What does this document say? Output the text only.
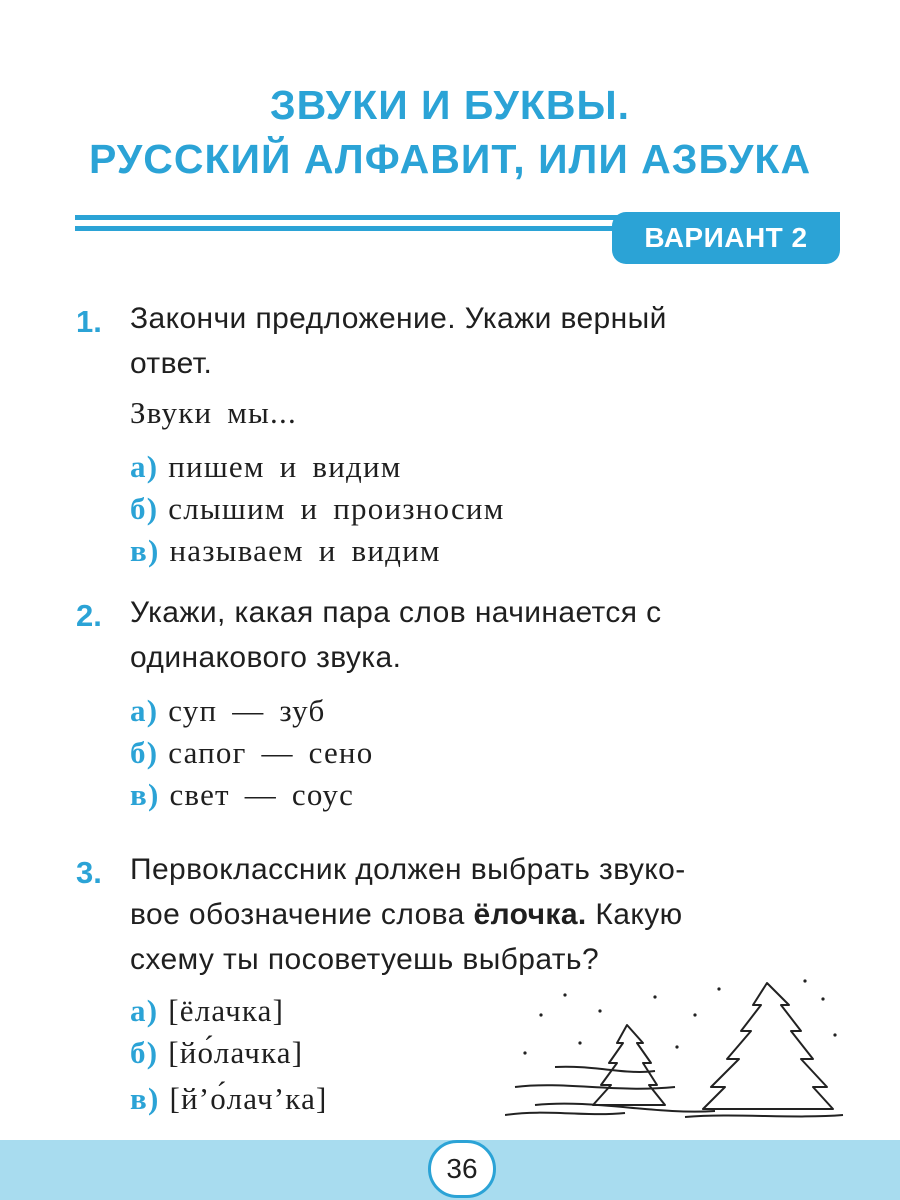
ЗВУКИ И БУКВЫ.
РУССКИЙ АЛФАВИТ, ИЛИ АЗБУКА
ВАРИАНТ 2
1. Закончи предложение. Укажи верный
ответ.
Звуки мы...
а) пишем и видим
б) слышим и произносим
в) называем и видим
2. Укажи, какая пара слов начинается с
одинакового звука.
а) суп — зуб
б) сапог — сено
в) свет — соус
3. Первоклассник должен выбрать звуко-
вое обозначение слова ёлочка. Какую
схему ты посоветуешь выбрать?
а) [ёлачка]
б) [йо́лачка]
в) [й’о́лач’ка]
36
